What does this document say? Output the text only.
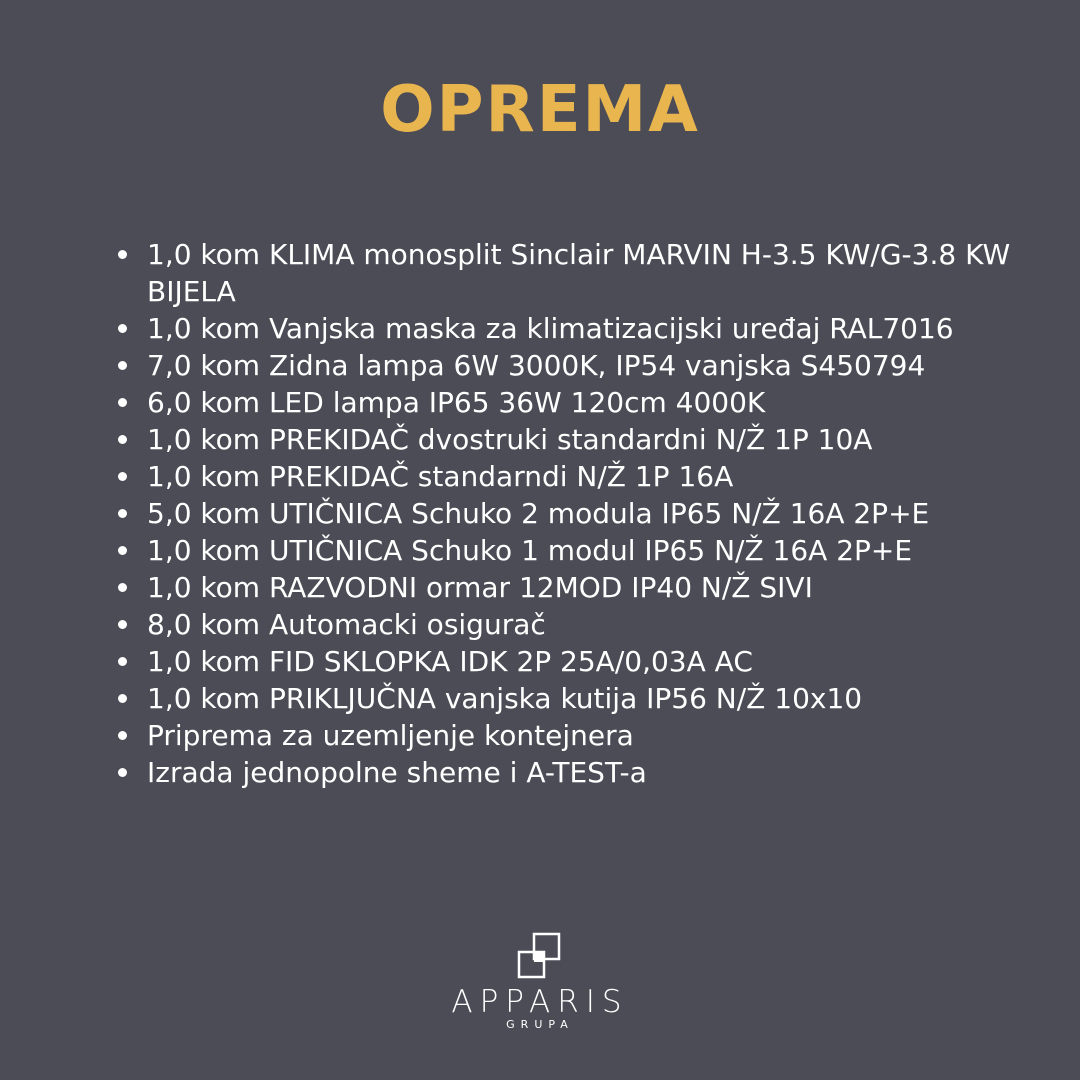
OPREMA
1,0 kom KLIMA monosplit Sinclair MARVIN H-3.5 KW/G-3.8 KW BIJELA
1,0 kom Vanjska maska za klimatizacijski uređaj RAL7016
7,0 kom Zidna lampa 6W 3000K, IP54 vanjska S450794
6,0 kom LED lampa IP65 36W 120cm 4000K
1,0 kom PREKIDAČ dvostruki standardni N/Ž 1P 10A
1,0 kom PREKIDAČ standarndi N/Ž 1P 16A
5,0 kom UTIČNICA Schuko 2 modula IP65 N/Ž 16A 2P+E
1,0 kom UTIČNICA Schuko 1 modul IP65 N/Ž 16A 2P+E
1,0 kom RAZVODNI ormar 12MOD IP40 N/Ž SIVI
8,0 kom Automacki osigurač
1,0 kom FID SKLOPKA IDK 2P 25A/0,03A AC
1,0 kom PRIKLJUČNA vanjska kutija IP56 N/Ž 10x10
Priprema za uzemljenje kontejnera
Izrada jednopolne sheme i A-TEST-a
APPARIS
GRUPA
